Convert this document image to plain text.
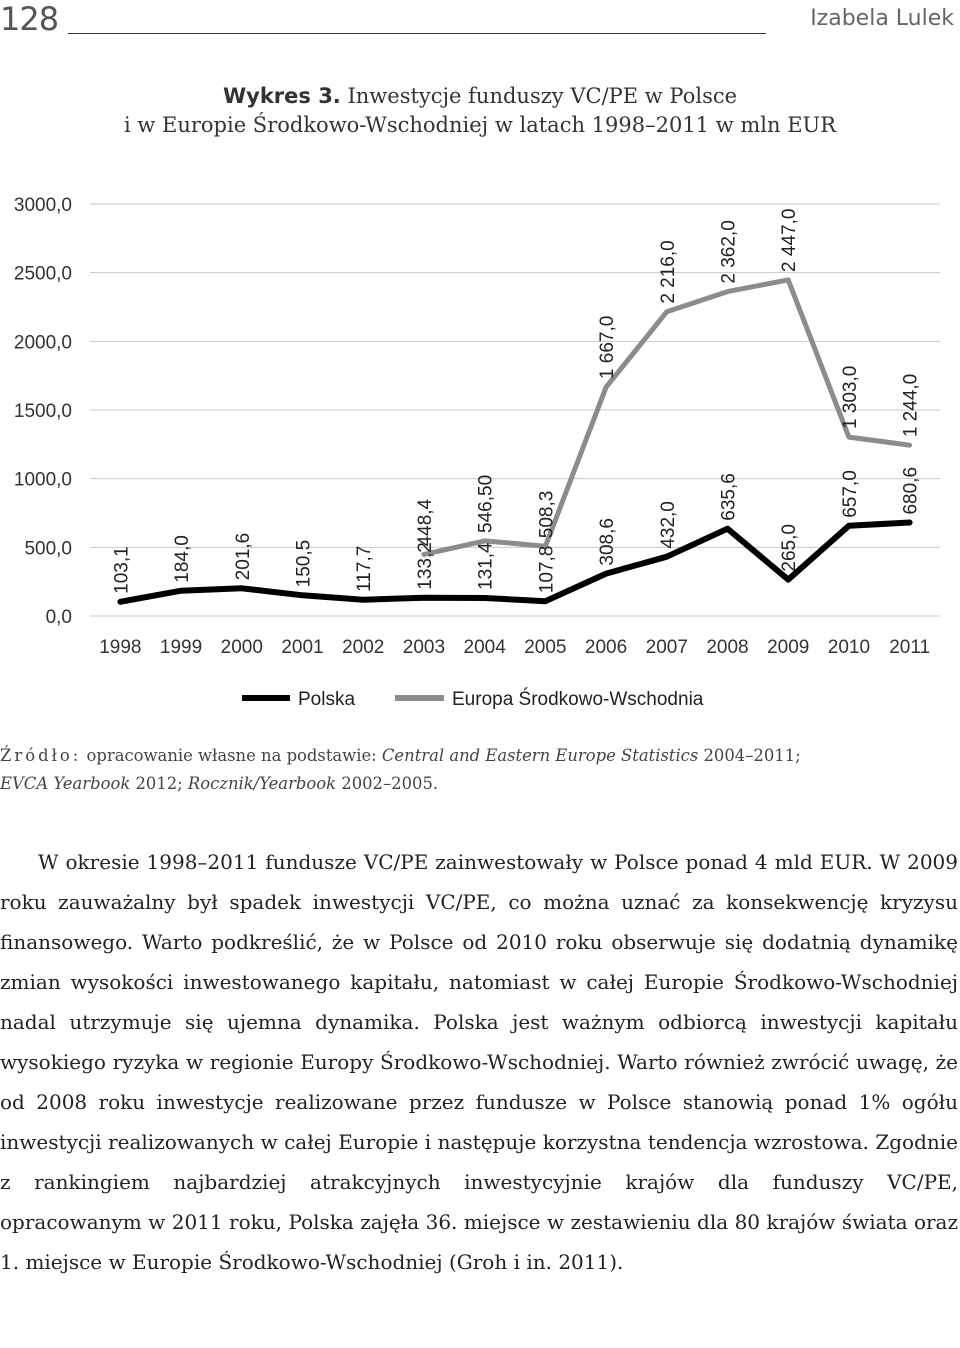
128	Izabela Lulek
Wykres 3. Inwestycje funduszy VC/PE w Polsce
i w Europie Środkowo-Wschodniej w latach 1998–2011 w mln EUR
3000,0
2500,0
2000,0
1500,0
1000,0
500,0
0,0
1998 1999 2000 2001 2002 2003 2004 2005 2006 2007 2008 2009 2010 2011
103,1 184,0 201,6 150,5 117,7 133,2 131,4 107,8
308,6 432,0
635,6
265,0
657,0 680,6
448,4 546,50 508,3
1 667,0
2 216,0 2 362,0 2 447,0
1 303,0 1 244,0
Polska	Europa Środkowo-Wschodnia
Źródło: opracowanie własne na podstawie: Central and Eastern Europe Statistics 2004–2011;
EVCA Yearbook 2012; Rocznik/Yearbook 2002–2005.

W okresie 1998–2011 fundusze VC/PE zainwestowały w Polsce ponad 4 mld EUR. W 2009 roku zauważalny był spadek inwestycji VC/PE, co można uznać za konsekwencję kryzysu finansowego. Warto podkreślić, że w Polsce od 2010 roku obserwuje się dodatnią dynamikę zmian wysokości inwestowanego kapitału, natomiast w całej Europie Środkowo-Wschodniej nadal utrzymuje się ujemna dynamika. Polska jest ważnym odbiorcą inwestycji kapitału wysokiego ryzyka w regionie Europy Środkowo-Wschodniej. Warto również zwrócić uwagę, że od 2008 roku inwestycje realizowane przez fundusze w Polsce stanowią ponad 1% ogółu inwestycji realizowanych w całej Europie i następuje korzystna tendencja wzrostowa. Zgodnie z rankingiem najbardziej atrakcyjnych inwestycyjnie krajów dla funduszy VC/PE, opracowanym w 2011 roku, Polska zajęła 36. miejsce w zestawieniu dla 80 krajów świata oraz 1. miejsce w Europie Środkowo-Wschodniej (Groh i in. 2011).
